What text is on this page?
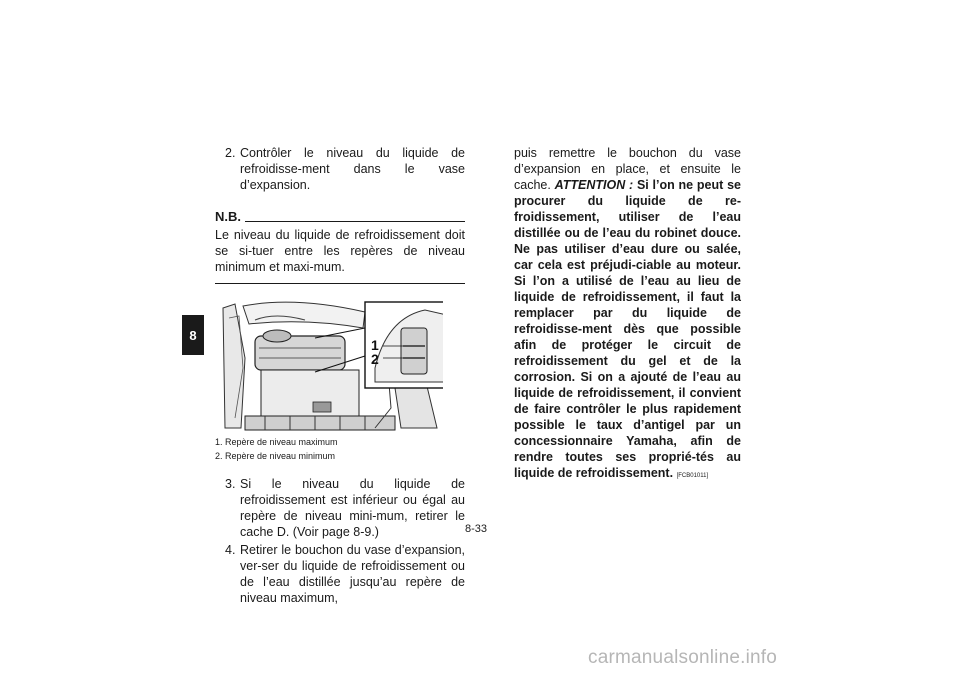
8
2. Contrôler le niveau du liquide de refroidisse-ment dans le vase d’expansion.
N.B.

Le niveau du liquide de refroidissement doit se si-tuer entre les repères de niveau minimum et maxi-mum.

1
2
1. Repère de niveau maximum
2. Repère de niveau minimum
3. Si le niveau du liquide de refroidissement est inférieur ou égal au repère de niveau mini-mum, retirer le cache D. (Voir page 8-9.)
4. Retirer le bouchon du vase d’expansion, ver-ser du liquide de refroidissement ou de l’eau distillée jusqu’au repère de niveau maximum,

puis remettre le bouchon du vase d’expansion en place, et ensuite le cache. ATTENTION : Si l’on ne peut se procurer du liquide de re-froidissement, utiliser de l’eau distillée ou de l’eau du robinet douce. Ne pas utiliser d’eau dure ou salée, car cela est préjudi-ciable au moteur. Si l’on a utilisé de l’eau au lieu de liquide de refroidissement, il faut la remplacer par du liquide de refroidisse-ment dès que possible afin de protéger le circuit de refroidissement du gel et de la corrosion. Si on a ajouté de l’eau au liquide de refroidissement, il convient de faire contrôler le plus rapidement possible le taux d’antigel par un concessionnaire Yamaha, afin de rendre toutes ses proprié-tés au liquide de refroidissement. [FCB01011]

8-33
carmanualsonline.info
